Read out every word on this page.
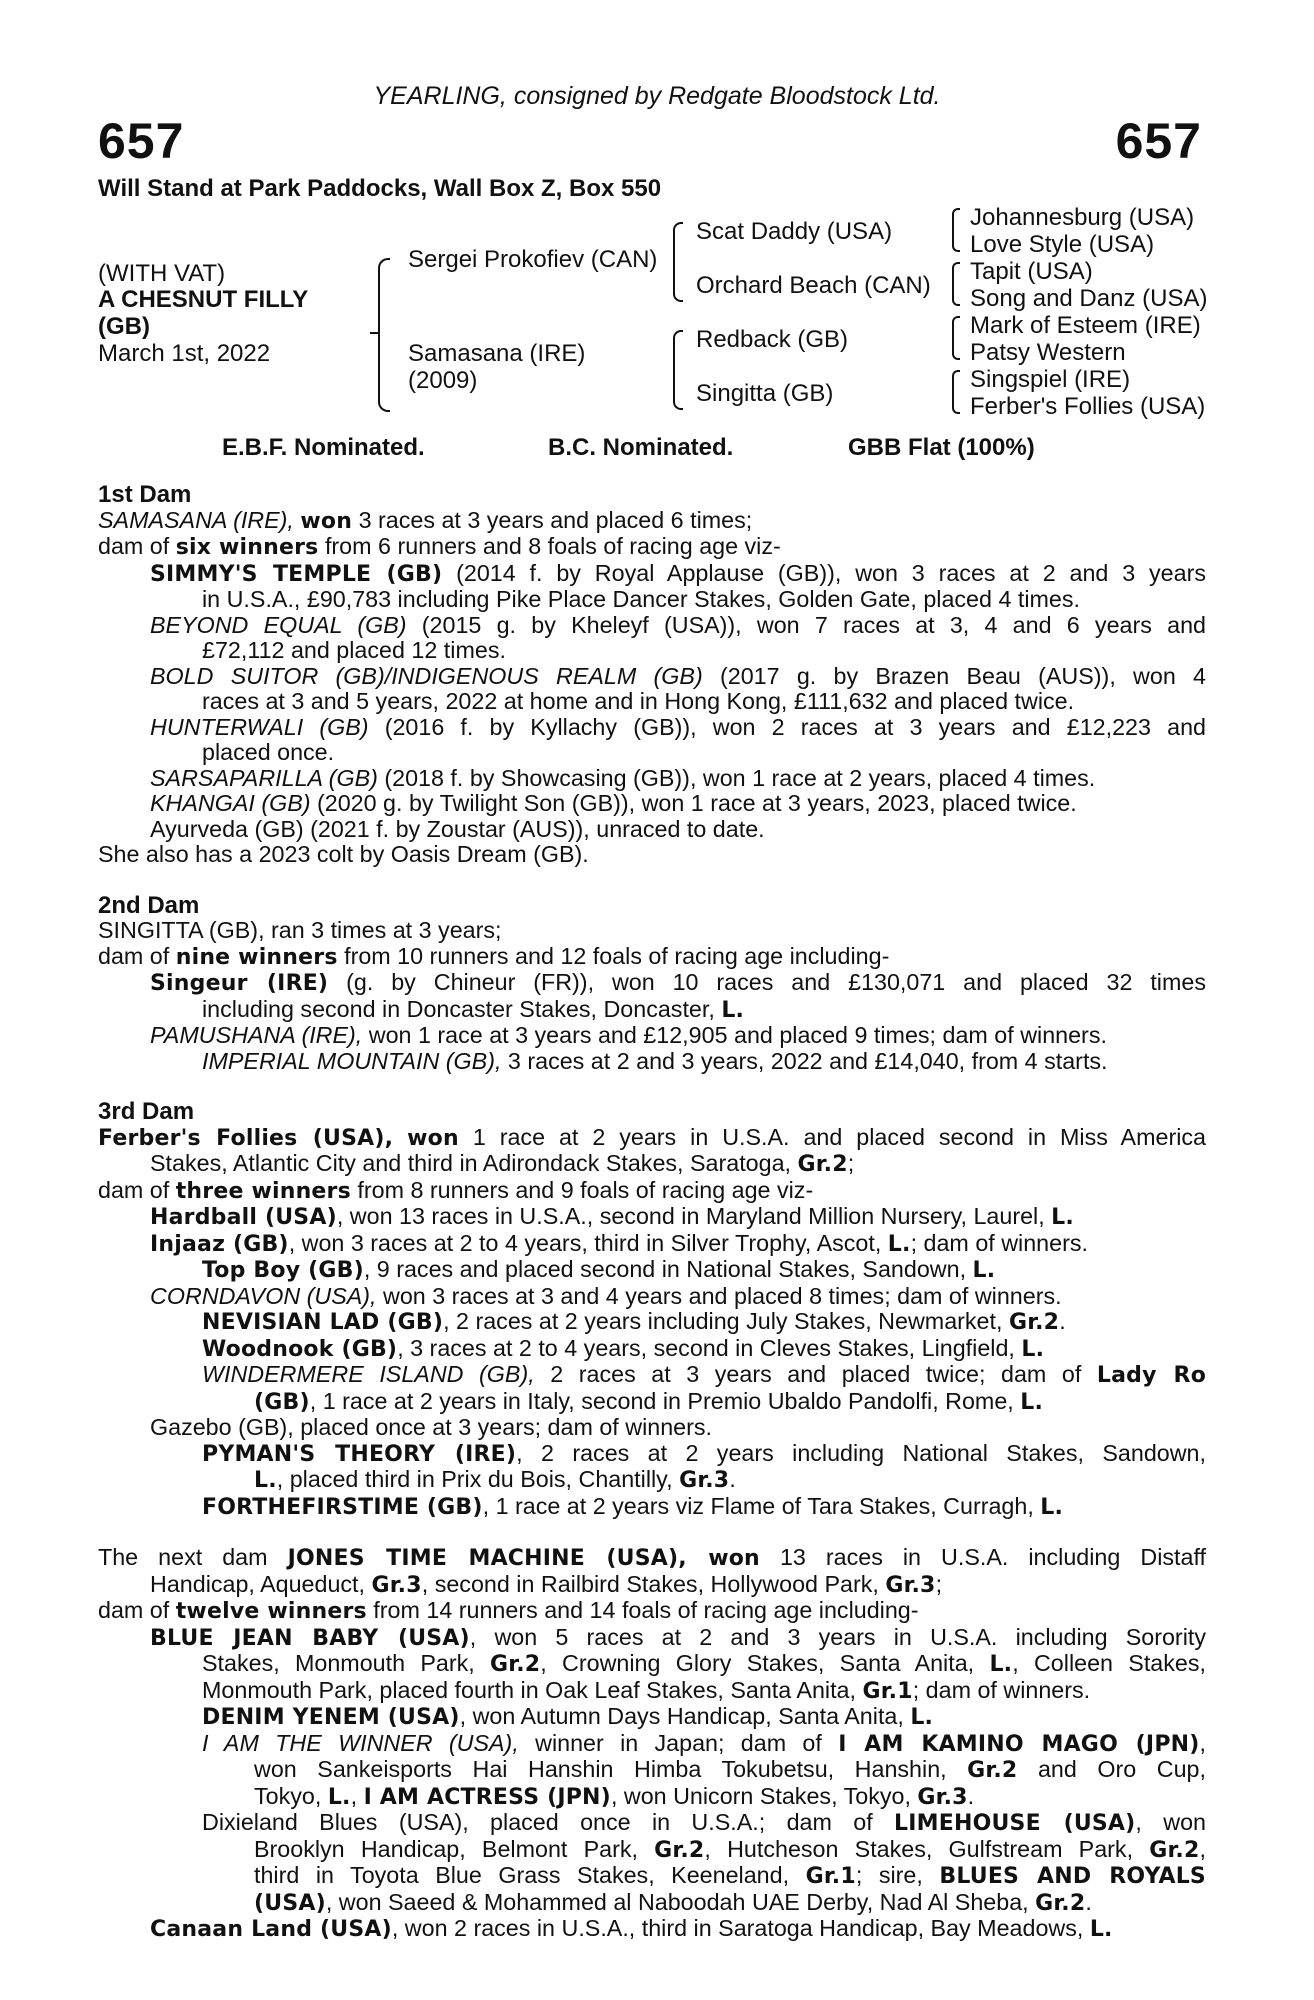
YEARLING, consigned by Redgate Bloodstock Ltd.
657	657
Will Stand at Park Paddocks, Wall Box Z, Box 550
(WITH VAT)
A CHESNUT FILLY
(GB)
March 1st, 2022
Sergei Prokofiev (CAN)
Samasana (IRE)
(2009)
Scat Daddy (USA)
Orchard Beach (CAN)
Redback (GB)
Singitta (GB)
Johannesburg (USA)
Love Style (USA)
Tapit (USA)
Song and Danz (USA)
Mark of Esteem (IRE)
Patsy Western
Singspiel (IRE)
Ferber's Follies (USA)
E.B.F. Nominated.	B.C. Nominated.	GBB Flat (100%)

1st Dam

SAMASANA (IRE), won 3 races at 3 years and placed 6 times;

dam of six winners from 6 runners and 8 foals of racing age viz-

SIMMY'S TEMPLE (GB) (2014 f. by Royal Applause (GB)), won 3 races at 2 and 3 years

in U.S.A., £90,783 including Pike Place Dancer Stakes, Golden Gate, placed 4 times.

BEYOND EQUAL (GB) (2015 g. by Kheleyf (USA)), won 7 races at 3, 4 and 6 years and

£72,112 and placed 12 times.

BOLD SUITOR (GB)/INDIGENOUS REALM (GB) (2017 g. by Brazen Beau (AUS)), won 4

races at 3 and 5 years, 2022 at home and in Hong Kong, £111,632 and placed twice.

HUNTERWALI (GB) (2016 f. by Kyllachy (GB)), won 2 races at 3 years and £12,223 and

placed once.

SARSAPARILLA (GB) (2018 f. by Showcasing (GB)), won 1 race at 2 years, placed 4 times.

KHANGAI (GB) (2020 g. by Twilight Son (GB)), won 1 race at 3 years, 2023, placed twice.

Ayurveda (GB) (2021 f. by Zoustar (AUS)), unraced to date.

She also has a 2023 colt by Oasis Dream (GB).

2nd Dam

SINGITTA (GB), ran 3 times at 3 years;

dam of nine winners from 10 runners and 12 foals of racing age including-

Singeur (IRE) (g. by Chineur (FR)), won 10 races and £130,071 and placed 32 times

including second in Doncaster Stakes, Doncaster, L.

PAMUSHANA (IRE), won 1 race at 3 years and £12,905 and placed 9 times; dam of winners.

IMPERIAL MOUNTAIN (GB), 3 races at 2 and 3 years, 2022 and £14,040, from 4 starts.

3rd Dam

Ferber's Follies (USA), won 1 race at 2 years in U.S.A. and placed second in Miss America

Stakes, Atlantic City and third in Adirondack Stakes, Saratoga, Gr.2;

dam of three winners from 8 runners and 9 foals of racing age viz-

Hardball (USA), won 13 races in U.S.A., second in Maryland Million Nursery, Laurel, L.

Injaaz (GB), won 3 races at 2 to 4 years, third in Silver Trophy, Ascot, L.; dam of winners.

Top Boy (GB), 9 races and placed second in National Stakes, Sandown, L.

CORNDAVON (USA), won 3 races at 3 and 4 years and placed 8 times; dam of winners.

NEVISIAN LAD (GB), 2 races at 2 years including July Stakes, Newmarket, Gr.2.

Woodnook (GB), 3 races at 2 to 4 years, second in Cleves Stakes, Lingfield, L.

WINDERMERE ISLAND (GB), 2 races at 3 years and placed twice; dam of Lady Ro

(GB), 1 race at 2 years in Italy, second in Premio Ubaldo Pandolfi, Rome, L.

Gazebo (GB), placed once at 3 years; dam of winners.

PYMAN'S THEORY (IRE), 2 races at 2 years including National Stakes, Sandown,

L., placed third in Prix du Bois, Chantilly, Gr.3.

FORTHEFIRSTIME (GB), 1 race at 2 years viz Flame of Tara Stakes, Curragh, L.

The next dam JONES TIME MACHINE (USA), won 13 races in U.S.A. including Distaff

Handicap, Aqueduct, Gr.3, second in Railbird Stakes, Hollywood Park, Gr.3;

dam of twelve winners from 14 runners and 14 foals of racing age including-

BLUE JEAN BABY (USA), won 5 races at 2 and 3 years in U.S.A. including Sorority

Stakes, Monmouth Park, Gr.2, Crowning Glory Stakes, Santa Anita, L., Colleen Stakes,

Monmouth Park, placed fourth in Oak Leaf Stakes, Santa Anita, Gr.1; dam of winners.

DENIM YENEM (USA), won Autumn Days Handicap, Santa Anita, L.

I AM THE WINNER (USA), winner in Japan; dam of I AM KAMINO MAGO (JPN),

won Sankeisports Hai Hanshin Himba Tokubetsu, Hanshin, Gr.2 and Oro Cup,

Tokyo, L., I AM ACTRESS (JPN), won Unicorn Stakes, Tokyo, Gr.3.

Dixieland Blues (USA), placed once in U.S.A.; dam of LIMEHOUSE (USA), won

Brooklyn Handicap, Belmont Park, Gr.2, Hutcheson Stakes, Gulfstream Park, Gr.2,

third in Toyota Blue Grass Stakes, Keeneland, Gr.1; sire, BLUES AND ROYALS

(USA), won Saeed & Mohammed al Naboodah UAE Derby, Nad Al Sheba, Gr.2.

Canaan Land (USA), won 2 races in U.S.A., third in Saratoga Handicap, Bay Meadows, L.
